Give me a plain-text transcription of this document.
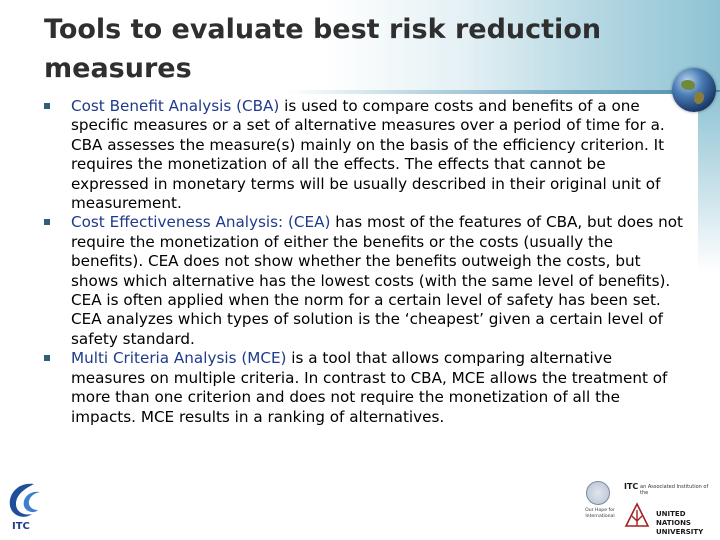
Tools to evaluate best risk reduction measures
Cost Benefit Analysis (CBA) is used to compare costs and benefits of a one specific measures or a set of alternative measures over a period of time for a. CBA assesses the measure(s) mainly on the basis of the efficiency criterion. It requires the monetization of all the effects. The effects that cannot be expressed in monetary terms will be usually described in their original unit of measurement.
Cost Effectiveness Analysis: (CEA) has most of the features of CBA, but does not require the monetization of either the benefits or the costs (usually the benefits). CEA does not show whether the benefits outweigh the costs, but shows which alternative has the lowest costs (with the same level of benefits). CEA is often applied when the norm for a certain level of safety has been set. CEA analyzes which types of solution is the ‘cheapest’ given a certain level of safety standard.
Multi Criteria Analysis (MCE) is a tool that allows comparing alternative measures on multiple criteria. In contrast to CBA, MCE allows the treatment of more than one criterion and does not require the monetization of all the impacts. MCE results in a ranking of alternatives.
ITC
Our Hope for International
ITC an Associated Institution of the
UNITED NATIONS
UNIVERSITY
